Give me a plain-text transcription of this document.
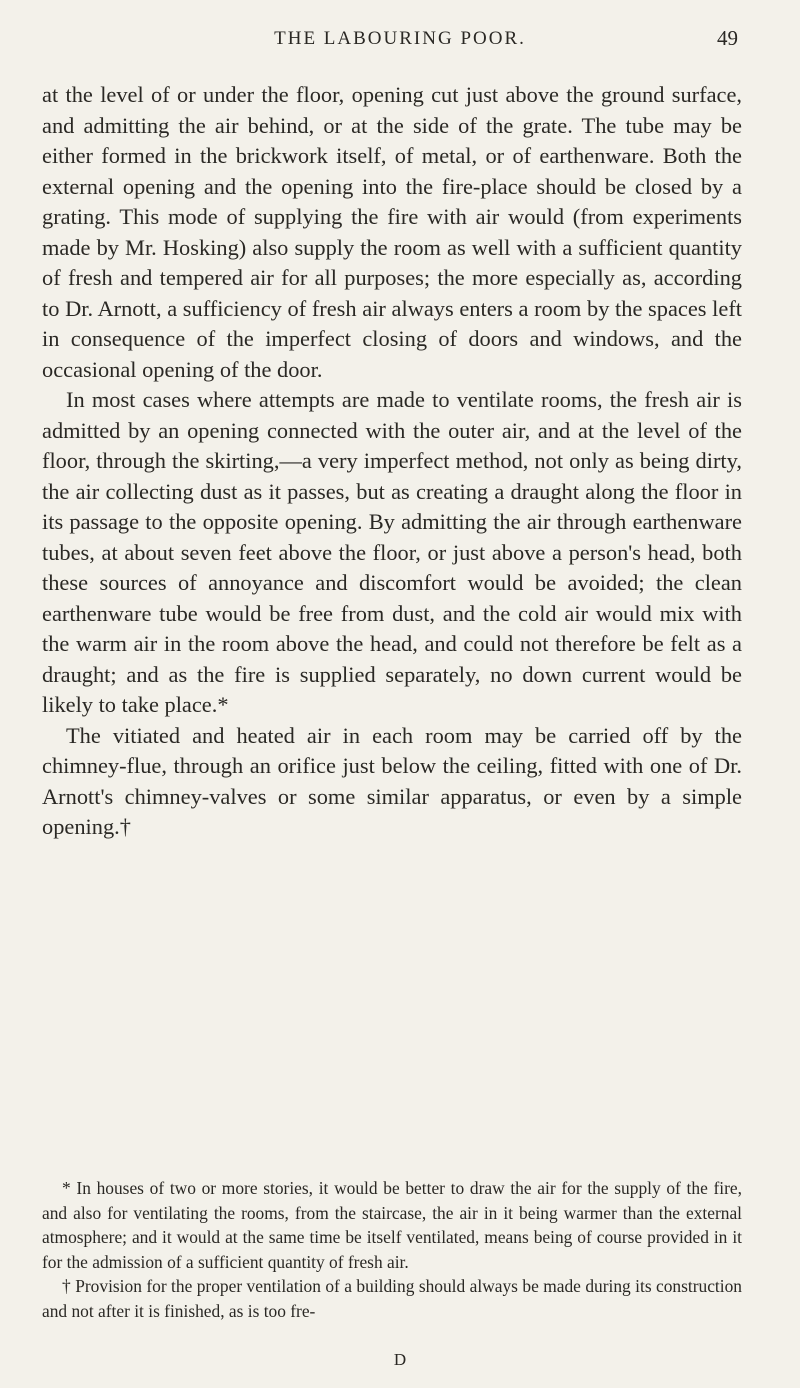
THE LABOURING POOR.	49

at the level of or under the floor, opening cut just above the ground surface, and admitting the air behind, or at the side of the grate. The tube may be either formed in the brickwork itself, of metal, or of earthenware. Both the external opening and the opening into the fire-place should be closed by a grating. This mode of supplying the fire with air would (from experiments made by Mr. Hosking) also supply the room as well with a sufficient quantity of fresh and tempered air for all purposes; the more especially as, according to Dr. Arnott, a sufficiency of fresh air always enters a room by the spaces left in consequence of the imperfect closing of doors and windows, and the occasional opening of the door.

In most cases where attempts are made to ventilate rooms, the fresh air is admitted by an opening connected with the outer air, and at the level of the floor, through the skirting,—a very imperfect method, not only as being dirty, the air collecting dust as it passes, but as creating a draught along the floor in its passage to the opposite opening. By admitting the air through earthenware tubes, at about seven feet above the floor, or just above a person's head, both these sources of annoyance and discomfort would be avoided; the clean earthenware tube would be free from dust, and the cold air would mix with the warm air in the room above the head, and could not therefore be felt as a draught; and as the fire is supplied separately, no down current would be likely to take place.*

The vitiated and heated air in each room may be carried off by the chimney-flue, through an orifice just below the ceiling, fitted with one of Dr. Arnott's chimney-valves or some similar apparatus, or even by a simple opening.†

* In houses of two or more stories, it would be better to draw the air for the supply of the fire, and also for ventilating the rooms, from the staircase, the air in it being warmer than the external atmosphere; and it would at the same time be itself ventilated, means being of course provided in it for the admission of a sufficient quantity of fresh air.

† Provision for the proper ventilation of a building should always be made during its construction and not after it is finished, as is too fre-

D
